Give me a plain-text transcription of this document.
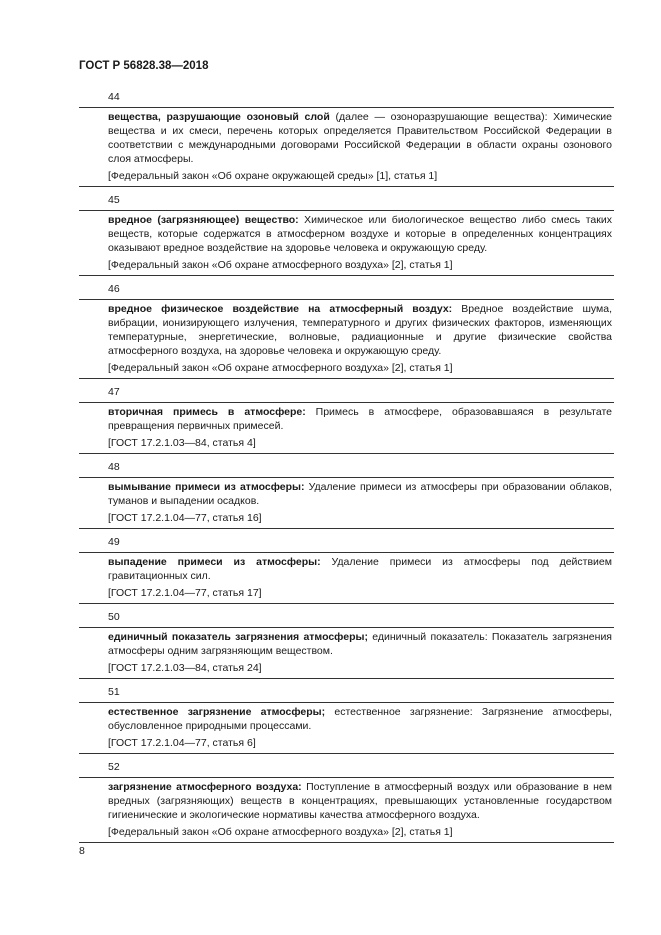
ГОСТ Р 56828.38—2018
44
вещества, разрушающие озоновый слой (далее — озоноразрушающие вещества): Химические вещества и их смеси, перечень которых определяется Правительством Российской Федерации в соответствии с международными договорами Российской Федерации в области охраны озонового слоя атмосферы.
[Федеральный закон «Об охране окружающей среды» [1], статья 1]
45
вредное (загрязняющее) вещество: Химическое или биологическое вещество либо смесь таких веществ, которые содержатся в атмосферном воздухе и которые в определенных концентрациях оказывают вредное воздействие на здоровье человека и окружающую среду.
[Федеральный закон «Об охране атмосферного воздуха» [2], статья 1]
46
вредное физическое воздействие на атмосферный воздух: Вредное воздействие шума, вибрации, ионизирующего излучения, температурного и других физических факторов, изменяющих температурные, энергетические, волновые, радиационные и другие физические свойства атмосферного воздуха, на здоровье человека и окружающую среду.
[Федеральный закон «Об охране атмосферного воздуха» [2], статья 1]
47
вторичная примесь в атмосфере: Примесь в атмосфере, образовавшаяся в результате превращения первичных примесей.
[ГОСТ 17.2.1.03—84, статья 4]
48
вымывание примеси из атмосферы: Удаление примеси из атмосферы при образовании облаков, туманов и выпадении осадков.
[ГОСТ 17.2.1.04—77, статья 16]
49
выпадение примеси из атмосферы: Удаление примеси из атмосферы под действием гравитационных сил.
[ГОСТ 17.2.1.04—77, статья 17]
50
единичный показатель загрязнения атмосферы; единичный показатель: Показатель загрязнения атмосферы одним загрязняющим веществом.
[ГОСТ 17.2.1.03—84, статья 24]
51
естественное загрязнение атмосферы; естественное загрязнение: Загрязнение атмосферы, обусловленное природными процессами.
[ГОСТ 17.2.1.04—77, статья 6]
52
загрязнение атмосферного воздуха: Поступление в атмосферный воздух или образование в нем вредных (загрязняющих) веществ в концентрациях, превышающих установленные государством гигиенические и экологические нормативы качества атмосферного воздуха.
[Федеральный закон «Об охране атмосферного воздуха» [2], статья 1]
8
